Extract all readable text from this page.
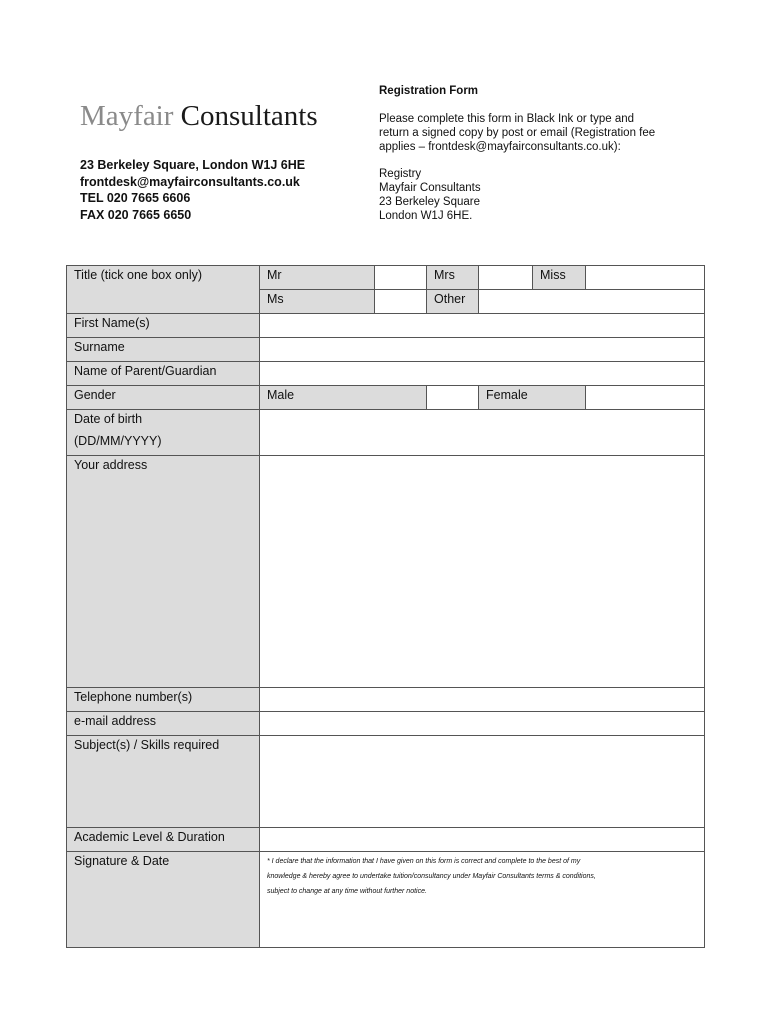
Mayfair Consultants
23 Berkeley Square, London W1J 6HE
frontdesk@mayfairconsultants.co.uk
TEL 020 7665 6606
FAX 020 7665 6650
Registration Form
Please complete this form in Black Ink or type and
return a signed copy by post or email (Registration fee
applies – frontdesk@mayfairconsultants.co.uk):
Registry
Mayfair Consultants
23 Berkeley Square
London W1J 6HE.
Title (tick one box only)	Mr		Mrs		Miss	
	Ms		Other			
First Name(s)						
Surname						
Name of Parent/Guardian						
Gender	Male			Female		

Date of birth
(DD/MM/YYYY)						

Your address						
Telephone number(s)						
e-mail address						
Subject(s) / Skills required						
Academic Level & Duration						
Signature & Date	* I declare that the information that I have given on this form is correct and complete to the best of my
knowledge & hereby agree to undertake tuition/consultancy under Mayfair Consultants terms & conditions,
subject to change at any time without further notice.					
